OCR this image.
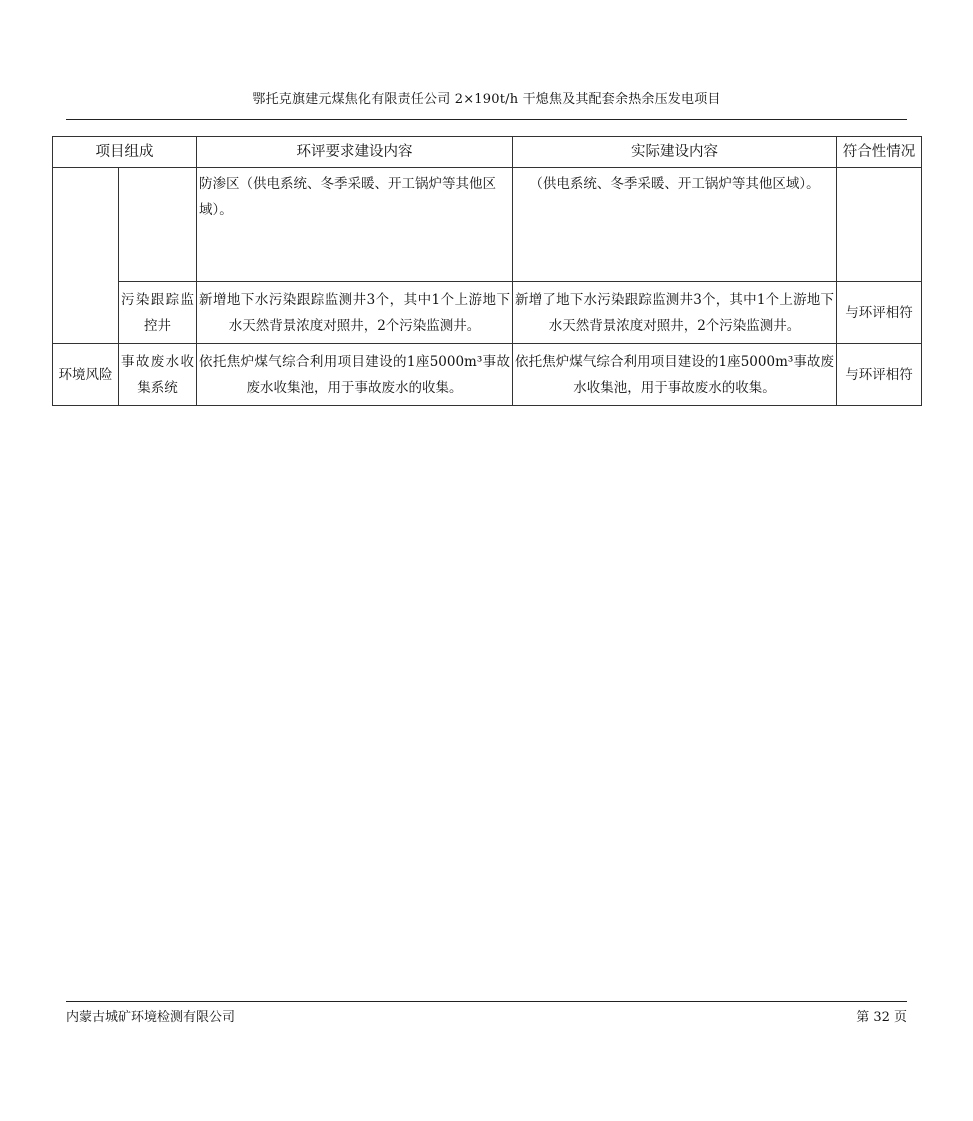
鄂托克旗建元煤焦化有限责任公司 2×190t/h 干熄焦及其配套余热余压发电项目
项目组成		环评要求建设内容	实际建设内容	符合性情况
		防渗区（供电系统、冬季采暖、开工锅炉等其他区域）。	（供电系统、冬季采暖、开工锅炉等其他区域）。	
	污染跟踪监控井	新增地下水污染跟踪监测井3个，其中1个上游地下水天然背景浓度对照井，2个污染监测井。	新增了地下水污染跟踪监测井3个，其中1个上游地下水天然背景浓度对照井，2个污染监测井。	与环评相符
环境风险	事故废水收集系统	依托焦炉煤气综合利用项目建设的1座5000m³事故废水收集池，用于事故废水的收集。	依托焦炉煤气综合利用项目建设的1座5000m³事故废水收集池，用于事故废水的收集。	与环评相符
内蒙古城矿环境检测有限公司	第 32 页
